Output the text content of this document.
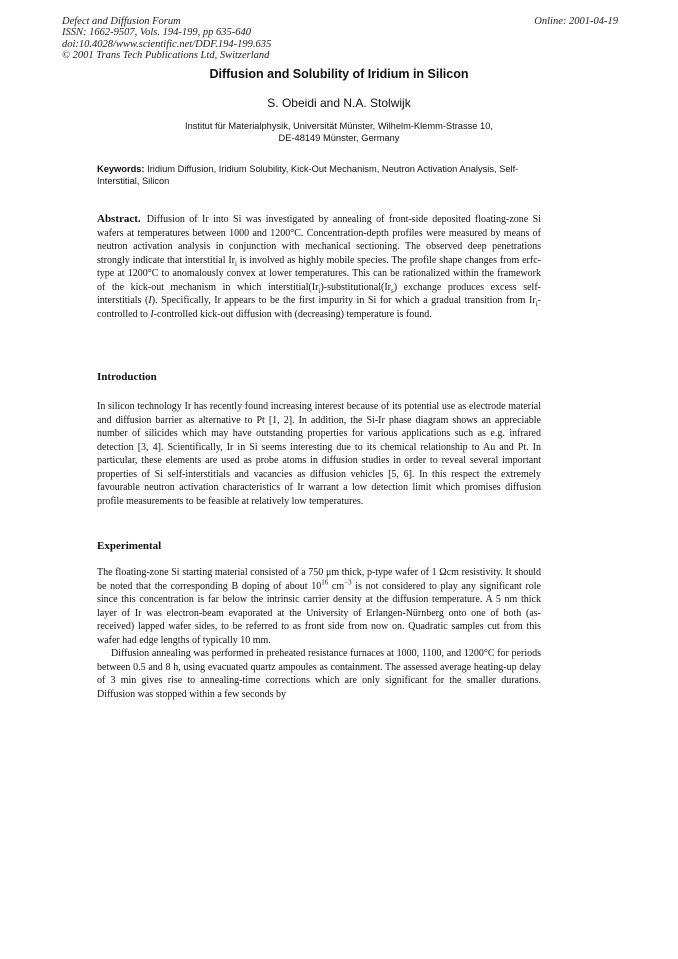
Defect and Diffusion Forum
ISSN: 1662-9507, Vols. 194-199, pp 635-640
doi:10.4028/www.scientific.net/DDF.194-199.635
© 2001 Trans Tech Publications Ltd, Switzerland
Online: 2001-04-19
Diffusion and Solubility of Iridium in Silicon
S. Obeidi and N.A. Stolwijk
Institut für Materialphysik, Universität Münster, Wilhelm-Klemm-Strasse 10,
DE-48149 Münster, Germany
Keywords: Iridium Diffusion, Iridium Solubility, Kick-Out Mechanism, Neutron Activation Analysis, Self-Interstitial, Silicon
Abstract. Diffusion of Ir into Si was investigated by annealing of front-side deposited floating-zone Si wafers at temperatures between 1000 and 1200°C. Concentration-depth profiles were measured by means of neutron activation analysis in conjunction with mechanical sectioning. The observed deep penetrations strongly indicate that interstitial $Ir_i$ is involved as highly mobile species. The profile shape changes from erfc-type at 1200°C to anomalously convex at lower temperatures. This can be rationalized within the framework of the kick-out mechanism in which $interstitial(Ir_i)-substitutional(Ir_s)$ exchange produces excess self-interstitials (I). Specifically, Ir appears to be the first impurity in Si for which a gradual transition from $Ir_i$-controlled to I-controlled kick-out diffusion with (decreasing) temperature is found.
Introduction
In silicon technology Ir has recently found increasing interest because of its potential use as electrode material and diffusion barrier as alternative to Pt [1, 2]. In addition, the Si-Ir phase diagram shows an appreciable number of silicides which may have outstanding properties for various applications such as e.g. infrared detection [3, 4]. Scientifically, Ir in Si seems interesting due to its chemical relationship to Au and Pt. In particular, these elements are used as probe atoms in diffusion studies in order to reveal several important properties of Si self-interstitials and vacancies as diffusion vehicles [5, 6]. In this respect the extremely favourable neutron activation characteristics of Ir warrant a low detection limit which promises diffusion profile measurements to be feasible at relatively low temperatures.
Experimental
The floating-zone Si starting material consisted of a 750 μm thick, p-type wafer of 1 Ωcm resistivity. It should be noted that the corresponding B doping of about $10^{16}$ $cm^{-3}$ is not considered to play any significant role since this concentration is far below the intrinsic carrier density at the diffusion temperature. A 5 nm thick layer of Ir was electron-beam evaporated at the University of Erlangen-Nürnberg onto one of both (as-received) lapped wafer sides, to be referred to as front side from now on. Quadratic samples cut from this wafer had edge lengths of typically 10 mm.
Diffusion annealing was performed in preheated resistance furnaces at 1000, 1100, and 1200°C for periods between 0.5 and 8 h, using evacuated quartz ampoules as containment. The assessed average heating-up delay of 3 min gives rise to annealing-time corrections which are only significant for the smaller durations. Diffusion was stopped within a few seconds by
